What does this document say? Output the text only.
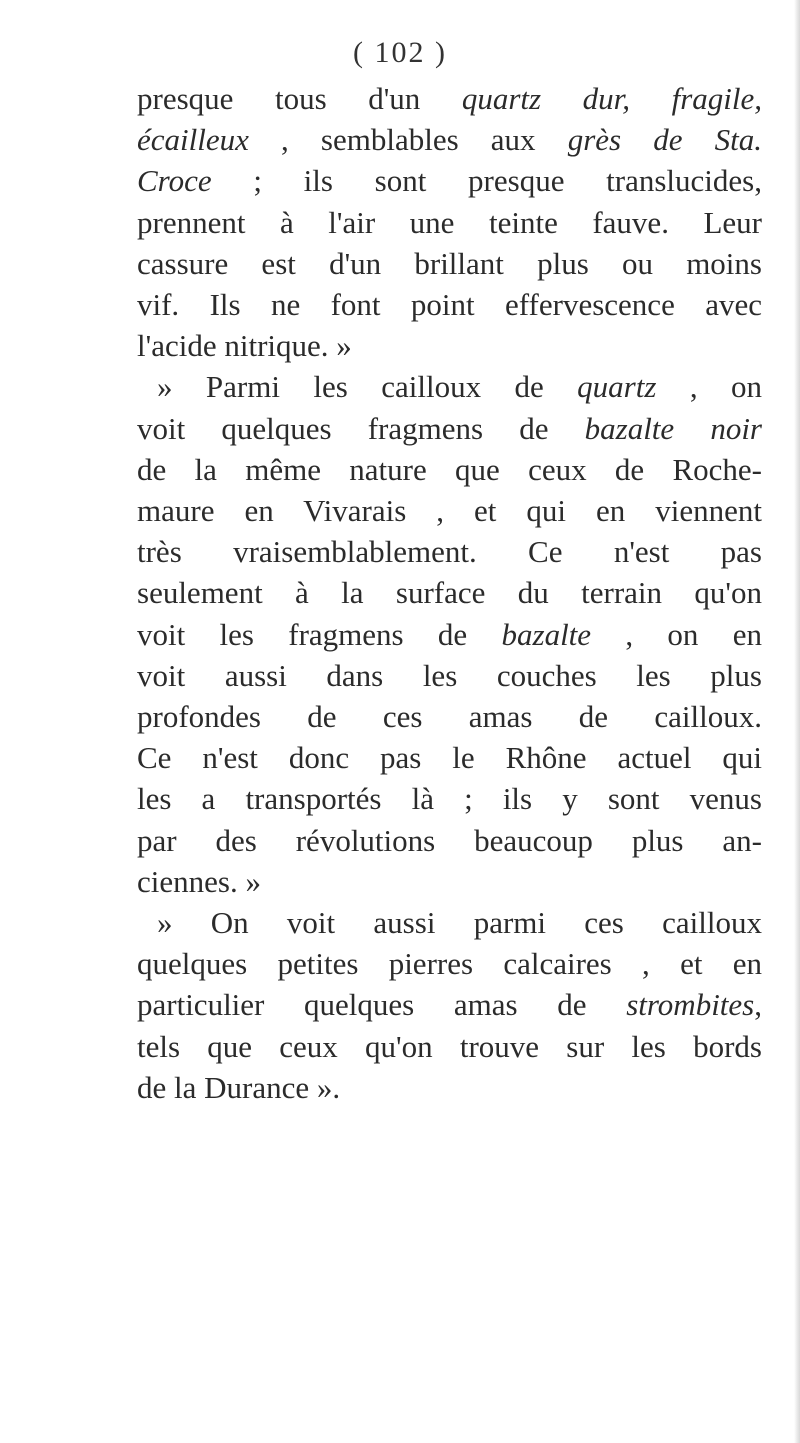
( 102 )
presque tous d'un quartz dur, fragile,
écailleux , semblables aux grès de Sta.
Croce ; ils sont presque translucides,
prennent à l'air une teinte fauve. Leur
cassure est d'un brillant plus ou moins
vif. Ils ne font point effervescence avec
l'acide nitrique. »
» Parmi les cailloux de quartz , on
voit quelques fragmens de bazalte noir
de la même nature que ceux de Roche-
maure en Vivarais , et qui en viennent
très vraisemblablement. Ce n'est pas
seulement à la surface du terrain qu'on
voit les fragmens de bazalte , on en
voit aussi dans les couches les plus
profondes de ces amas de cailloux.
Ce n'est donc pas le Rhône actuel qui
les a transportés là ; ils y sont venus
par des révolutions beaucoup plus an-
ciennes. »
» On voit aussi parmi ces cailloux
quelques petites pierres calcaires , et en
particulier quelques amas de strombites,
tels que ceux qu'on trouve sur les bords
de la Durance ».
